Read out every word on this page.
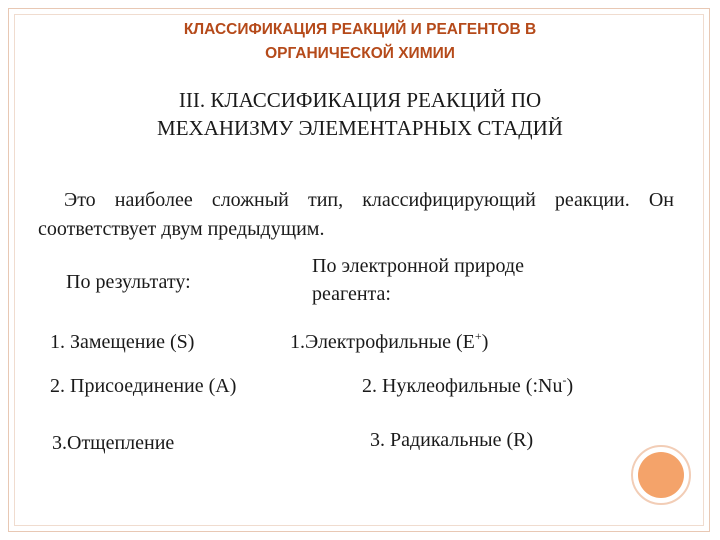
КЛАССИФИКАЦИЯ РЕАКЦИЙ И РЕАГЕНТОВ В
ОРГАНИЧЕСКОЙ ХИМИИ
III. КЛАССИФИКАЦИЯ РЕАКЦИЙ ПО
МЕХАНИЗМУ ЭЛЕМЕНТАРНЫХ СТАДИЙ
Это наиболее сложный тип, классифицирующий реакции. Он соответствует двум предыдущим.
По результату:
По электронной природе
реагента:
1. Замещение (S)
2. Присоединение (A)
3.Отщепление
1.Электрофильные (E+)
2. Нуклеофильные (:Nu-)
3. Радикальные (R)
